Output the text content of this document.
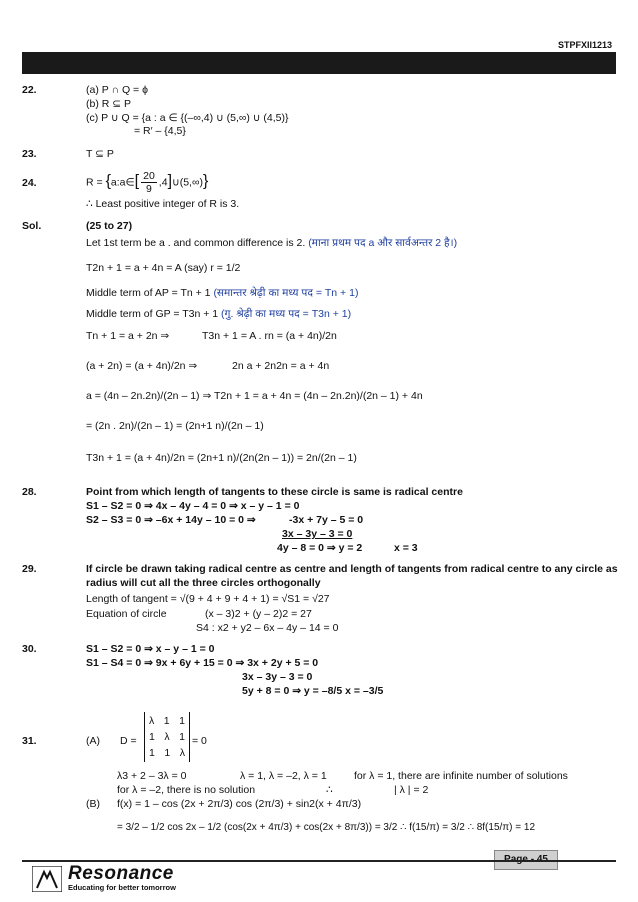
STPFXII1213
22.	(a) P ∩ Q = ϕ
(b) R ⊆ P
(c) P ∪ Q = {a : a ∈ {(–∞,4) ∪ (5,∞) ∪ (4,5)}
= R′ – {4,5}
23.	T ⊆ P
24.	R = {a:a∈[ $\frac{20}{9}$ ,4]∪(5,∞)}
∴ Least positive integer of R is 3.
Sol.	(25 to 27)
Let 1st term be a . and common difference is 2. (माना प्रथम पद a और सार्वअन्तर 2 है।)
T2n + 1 = a + 4n = A (say) r = 1/2
Middle term of AP = Tn + 1 (समान्तर श्रेढ़ी का मध्य पद = Tn + 1)
Middle term of GP = T3n + 1 (गु. श्रेढ़ी का मध्य पद = T3n + 1)
Tn + 1 = a + 2n ⇒	T3n + 1 = A . rn = (a + 4n)/2n
(a + 2n) = (a + 4n)/2n ⇒	2n a + 2n2n = a + 4n
a = (4n – 2n.2n)/(2n – 1) ⇒ T2n + 1 = a + 4n = (4n – 2n.2n)/(2n – 1) + 4n
= (2n . 2n)/(2n – 1) = (2n+1 n)/(2n – 1)
T3n + 1 = (a + 4n)/2n = (2n+1 n)/(2n(2n – 1)) = 2n/(2n – 1)
28.	Point from which length of tangents to these circle is same is radical centre
S1 – S2 = 0 ⇒ 4x – 4y – 4 = 0 ⇒ x – y – 1 = 0
S2 – S3 = 0 ⇒ –6x + 14y – 10 = 0 ⇒	-3x + 7y – 5 = 0
3x – 3y – 3 = 0
4y – 8 = 0 ⇒ y = 2	x = 3
29.	If circle be drawn taking radical centre as centre and length of tangents from radical centre to any circle as
radius will cut all the three circles orthogonally
Length of tangent = √(9 + 4 + 9 + 4 + 1) = √S1 = √27
Equation of circle	(x – 3)2 + (y – 2)2 = 27
S4 : x2 + y2 – 6x – 4y – 14 = 0
30.	S1 – S2 = 0 ⇒ x – y – 1 = 0
S1 – S4 = 0 ⇒ 9x + 6y + 15 = 0 ⇒ 3x + 2y + 5 = 0
3x – 3y – 3 = 0
5y + 8 = 0 ⇒ y = –8/5 x = –3/5
31.	(A) D =
λ 1 1
1 λ 1
1 1 λ
= 0
λ3 + 2 – 3λ = 0	λ = 1, λ = –2, λ = 1	for λ = 1, there are infinite number of solutions
for λ = –2, there is no solution	∴	| λ | = 2
(B) f(x) = 1 – cos (2x + 2π/3) cos (2π/3) + sin2(x + 4π/3)
= 3/2 – 1/2 cos 2x – 1/2 (cos(2x + 4π/3) + cos(2x + 8π/3)) = 3/2 ∴ f(15/π) = 3/2 ∴ 8f(15/π) = 12
Resonance
Educating for better tomorrow
